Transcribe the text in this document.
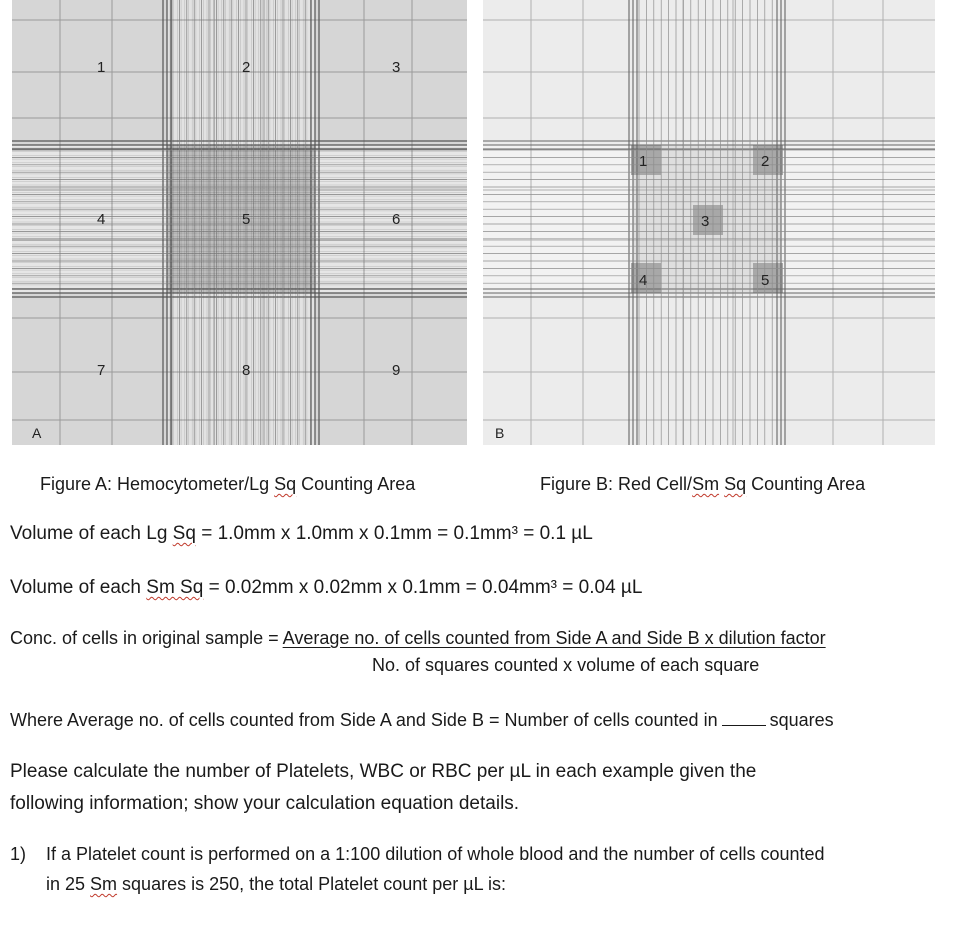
1	2	3
4	5	6
7	8	9
A
1	2
3
4	5
B
Figure A: Hemocytometer/Lg Sq Counting Area	Figure B: Red Cell/Sm Sq Counting Area
Volume of each Lg Sq = 1.0mm x 1.0mm x 0.1mm = 0.1mm³ = 0.1 µL
Volume of each Sm Sq = 0.02mm x 0.02mm x 0.1mm = 0.04mm³ = 0.04 µL
Conc. of cells in original sample = Average no. of cells counted from Side A and Side B x dilution factor
No. of squares counted x volume of each square
Where Average no. of cells counted from Side A and Side B = Number of cells counted in	squares
Please calculate the number of Platelets, WBC or RBC per µL in each example given the
following information; show your calculation equation details.
1)	If a Platelet count is performed on a 1:100 dilution of whole blood and the number of cells counted
in 25 Sm squares is 250, the total Platelet count per µL is:
